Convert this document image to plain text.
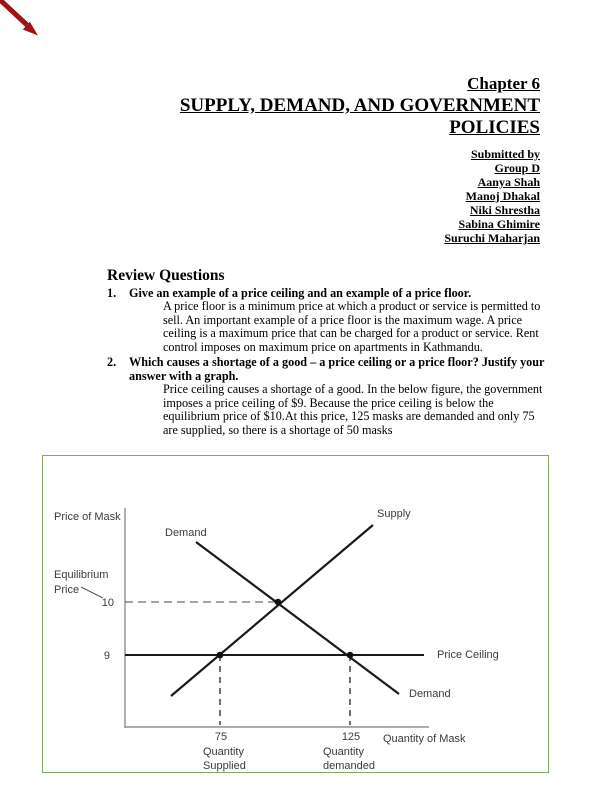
Chapter 6
SUPPLY, DEMAND, AND GOVERNMENT
POLICIES
Submitted by
Group D
Aanya Shah
Manoj Dhakal
Niki Shrestha
Sabina Ghimire
Suruchi Maharjan
Review Questions
1.	Give an example of a price ceiling and an example of a price floor.
A price floor is a minimum price at which a product or service is permitted to
sell. An important example of a price floor is the maximum wage. A price
ceiling is a maximum price that can be charged for a product or service. Rent
control imposes on maximum price on apartments in Kathmandu.
2.	Which causes a shortage of a good – a price ceiling or a price floor? Justify your
answer with a graph.
Price ceiling causes a shortage of a good. In the below figure, the government
imposes a price ceiling of $9. Because the price ceiling is below the
equilibrium price of $10.At this price, 125 masks are demanded and only 75
are supplied, so there is a shortage of 50 masks
Price of Mask
Equilibrium
Price
10
9
Demand
Supply
Price Ceiling
Demand
75	125 Quantity of Mask
Quantity
Supplied
Quantity
demanded
